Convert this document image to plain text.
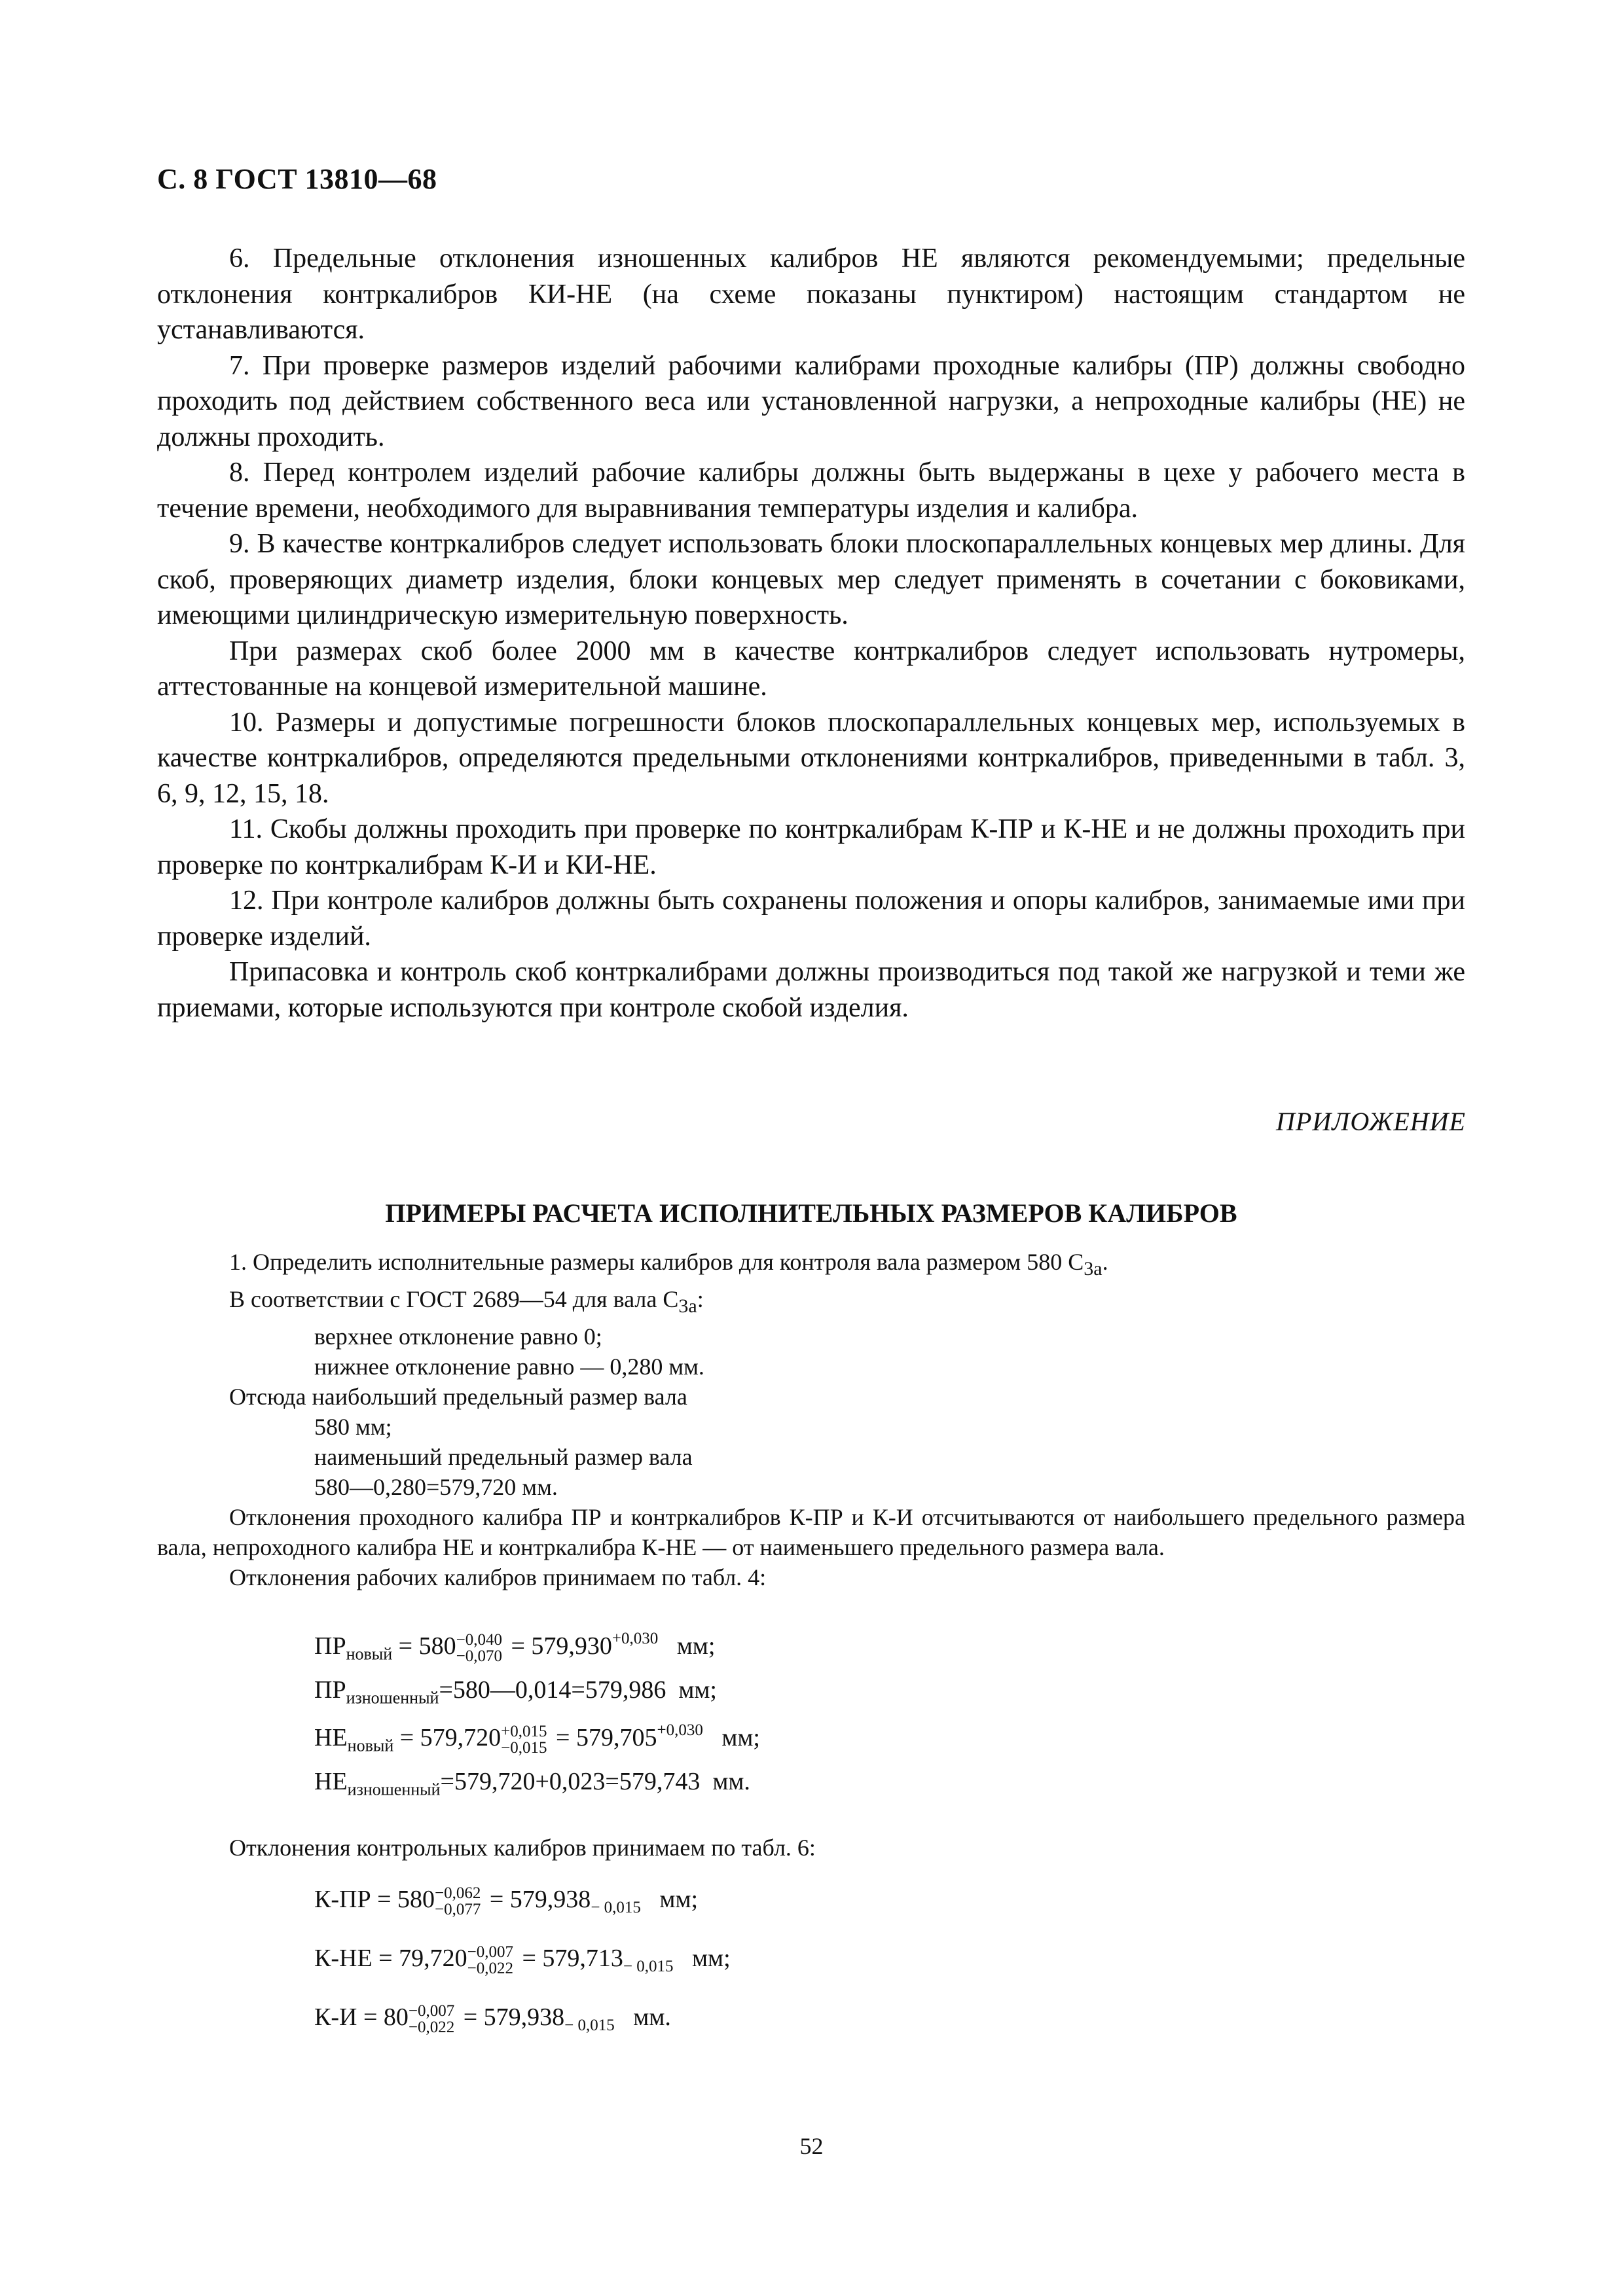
С. 8 ГОСТ 13810—68

6. Предельные отклонения изношенных калибров НЕ являются рекомендуемыми; предельные отклонения контркалибров КИ-НЕ (на схеме показаны пунктиром) настоящим стандартом не устанавливаются.

7. При проверке размеров изделий рабочими калибрами проходные калибры (ПР) должны свободно проходить под действием собственного веса или установленной нагрузки, а непроходные калибры (НЕ) не должны проходить.

8. Перед контролем изделий рабочие калибры должны быть выдержаны в цехе у рабочего места в течение времени, необходимого для выравнивания температуры изделия и калибра.

9. В качестве контркалибров следует использовать блоки плоскопараллельных концевых мер длины. Для скоб, проверяющих диаметр изделия, блоки концевых мер следует применять в сочетании с боковиками, имеющими цилиндрическую измерительную поверхность.

При размерах скоб более 2000 мм в качестве контркалибров следует использовать нутромеры, аттестованные на концевой измерительной машине.

10. Размеры и допустимые погрешности блоков плоскопараллельных концевых мер, используемых в качестве контркалибров, определяются предельными отклонениями контркалибров, приведенными в табл. 3, 6, 9, 12, 15, 18.

11. Скобы должны проходить при проверке по контркалибрам К-ПР и К-НЕ и не должны проходить при проверке по контркалибрам К-И и КИ-НЕ.

12. При контроле калибров должны быть сохранены положения и опоры калибров, занимаемые ими при проверке изделий.

Припасовка и контроль скоб контркалибрами должны производиться под такой же нагрузкой и теми же приемами, которые используются при контроле скобой изделия.

ПРИЛОЖЕНИЕ
ПРИМЕРЫ РАСЧЕТА ИСПОЛНИТЕЛЬНЫХ РАЗМЕРОВ КАЛИБРОВ

1. Определить исполнительные размеры калибров для контроля вала размером 580 $С_{3а}$.

В соответствии с ГОСТ 2689—54 для вала $С_{3а}$:

верхнее отклонение равно 0;

нижнее отклонение равно — 0,280 мм.

Отсюда наибольший предельный размер вала

580 мм;

наименьший предельный размер вала

580—0,280=579,720 мм.

Отклонения проходного калибра ПР и контркалибров К-ПР и К-И отсчитываются от наибольшего предельного размера вала, непроходного калибра НЕ и контркалибра К-НЕ — от наименьшего предельного размера вала.

Отклонения рабочих калибров принимаем по табл. 4:

$ПР_{новый} = 580 -0,040$
$-0,070 = 579,930^{+0,030}$ мм;
$ПР_{изношенный}=580—0,014=579,986$ мм;
$НЕ_{новый} = 579,720 +0,015$
$-0,015 = 579,705^{+0,030}$ мм;
$НЕ_{изношенный}=579,720+0,023=579,743$ мм.

Отклонения контрольных калибров принимаем по табл. 6:

К-ПР = 580 −0,062
$-0,077 = 579,938_{- 0,015}$ мм;
К-НЕ = 79,720 −0,007
$-0,022 = 579,713_{- 0,015}$ мм;
К-И = 80 −0,007
$-0,022 = 579,938_{- 0,015}$ мм.
52
